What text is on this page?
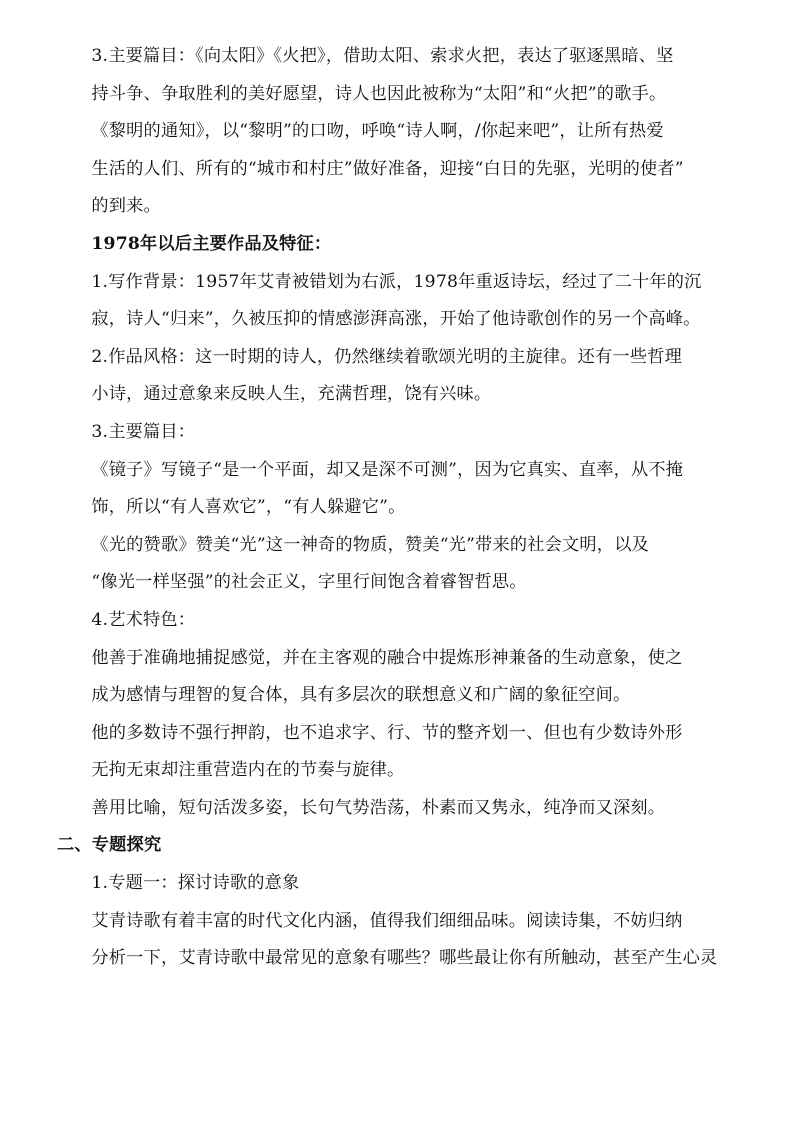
3.主要篇目：《向太阳》《火把》，借助太阳、索求火把，表达了驱逐黑暗、坚
持斗争、争取胜利的美好愿望，诗人也因此被称为“太阳”和“火把”的歌手。

《黎明的通知》，以“黎明”的口吻，呼唤“诗人啊，/你起来吧”，让所有热爱
生活的人们、所有的“城市和村庄”做好准备，迎接“白日的先驱，光明的使者”
的到来。

1978年以后主要作品及特征：

1.写作背景：1957年艾青被错划为右派，1978年重返诗坛，经过了二十年的沉
寂，诗人“归来”，久被压抑的情感澎湃高涨，开始了他诗歌创作的另一个高峰。

2.作品风格：这一时期的诗人，仍然继续着歌颂光明的主旋律。还有一些哲理
小诗，通过意象来反映人生，充满哲理，饶有兴味。

3.主要篇目：

《镜子》写镜子“是一个平面，却又是深不可测”，因为它真实、直率，从不掩
饰，所以“有人喜欢它”，“有人躲避它”。

《光的赞歌》赞美“光”这一神奇的物质，赞美“光”带来的社会文明，以及
“像光一样坚强”的社会正义，字里行间饱含着睿智哲思。

4.艺术特色：

他善于准确地捕捉感觉，并在主客观的融合中提炼形神兼备的生动意象，使之
成为感情与理智的复合体，具有多层次的联想意义和广阔的象征空间。

他的多数诗不强行押韵，也不追求字、行、节的整齐划一、但也有少数诗外形
无拘无束却注重营造内在的节奏与旋律。

善用比喻，短句活泼多姿，长句气势浩荡，朴素而又隽永，纯净而又深刻。

二、专题探究

1.专题一：探讨诗歌的意象

艾青诗歌有着丰富的时代文化内涵，值得我们细细品味。阅读诗集，不妨归纳
分析一下，艾青诗歌中最常见的意象有哪些？哪些最让你有所触动，甚至产生心灵
